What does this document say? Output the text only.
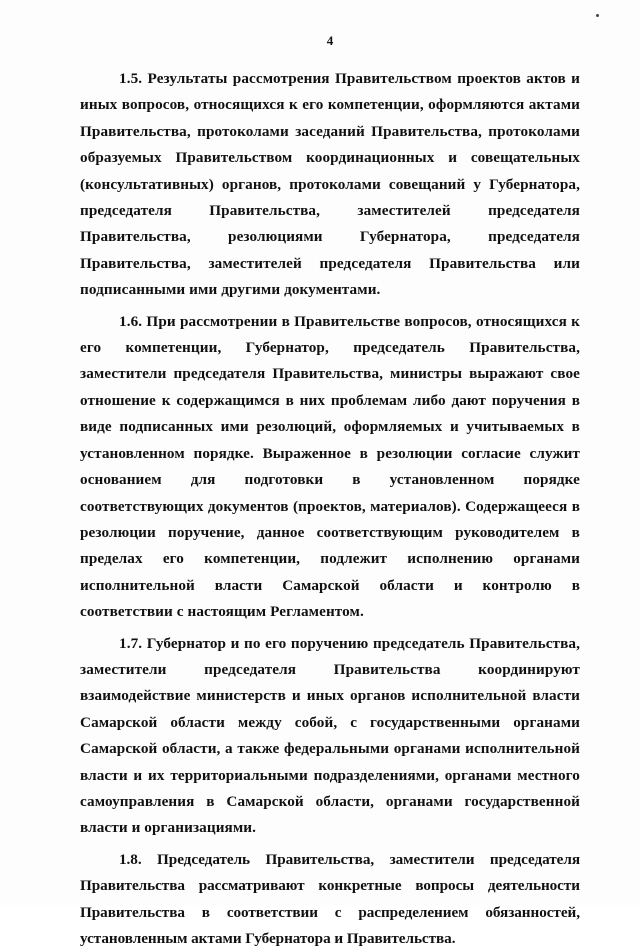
4

1.5. Результаты рассмотрения Правительством проектов актов и иных вопросов, относящихся к его компетенции, оформляются актами Правительства, протоколами заседаний Правительства, протоколами образуемых Правительством координационных и совещательных (консультативных) органов, протоколами совещаний у Губернатора, председателя Правительства, заместителей председателя Правительства, резолюциями Губернатора, председателя Правительства, заместителей председателя Правительства или подписанными ими другими документами.

1.6. При рассмотрении в Правительстве вопросов, относящихся к его компетенции, Губернатор, председатель Правительства, заместители председателя Правительства, министры выражают свое отношение к содержащимся в них проблемам либо дают поручения в виде подписанных ими резолюций, оформляемых и учитываемых в установленном порядке. Выраженное в резолюции согласие служит основанием для подготовки в установленном порядке соответствующих документов (проектов, материалов). Содержащееся в резолюции поручение, данное соответствующим руководителем в пределах его компетенции, подлежит исполнению органами исполнительной власти Самарской области и контролю в соответствии с настоящим Регламентом.

1.7. Губернатор и по его поручению председатель Правительства, заместители председателя Правительства координируют взаимодействие министерств и иных органов исполнительной власти Самарской области между собой, с государственными органами Самарской области, а также федеральными органами исполнительной власти и их территориальными подразделениями, органами местного самоуправления в Самарской области, органами государственной власти и организациями.

1.8. Председатель Правительства, заместители председателя Правительства рассматривают конкретные вопросы деятельности Правительства в соответствии с распределением обязанностей, установленным актами Губернатора и Правительства.
